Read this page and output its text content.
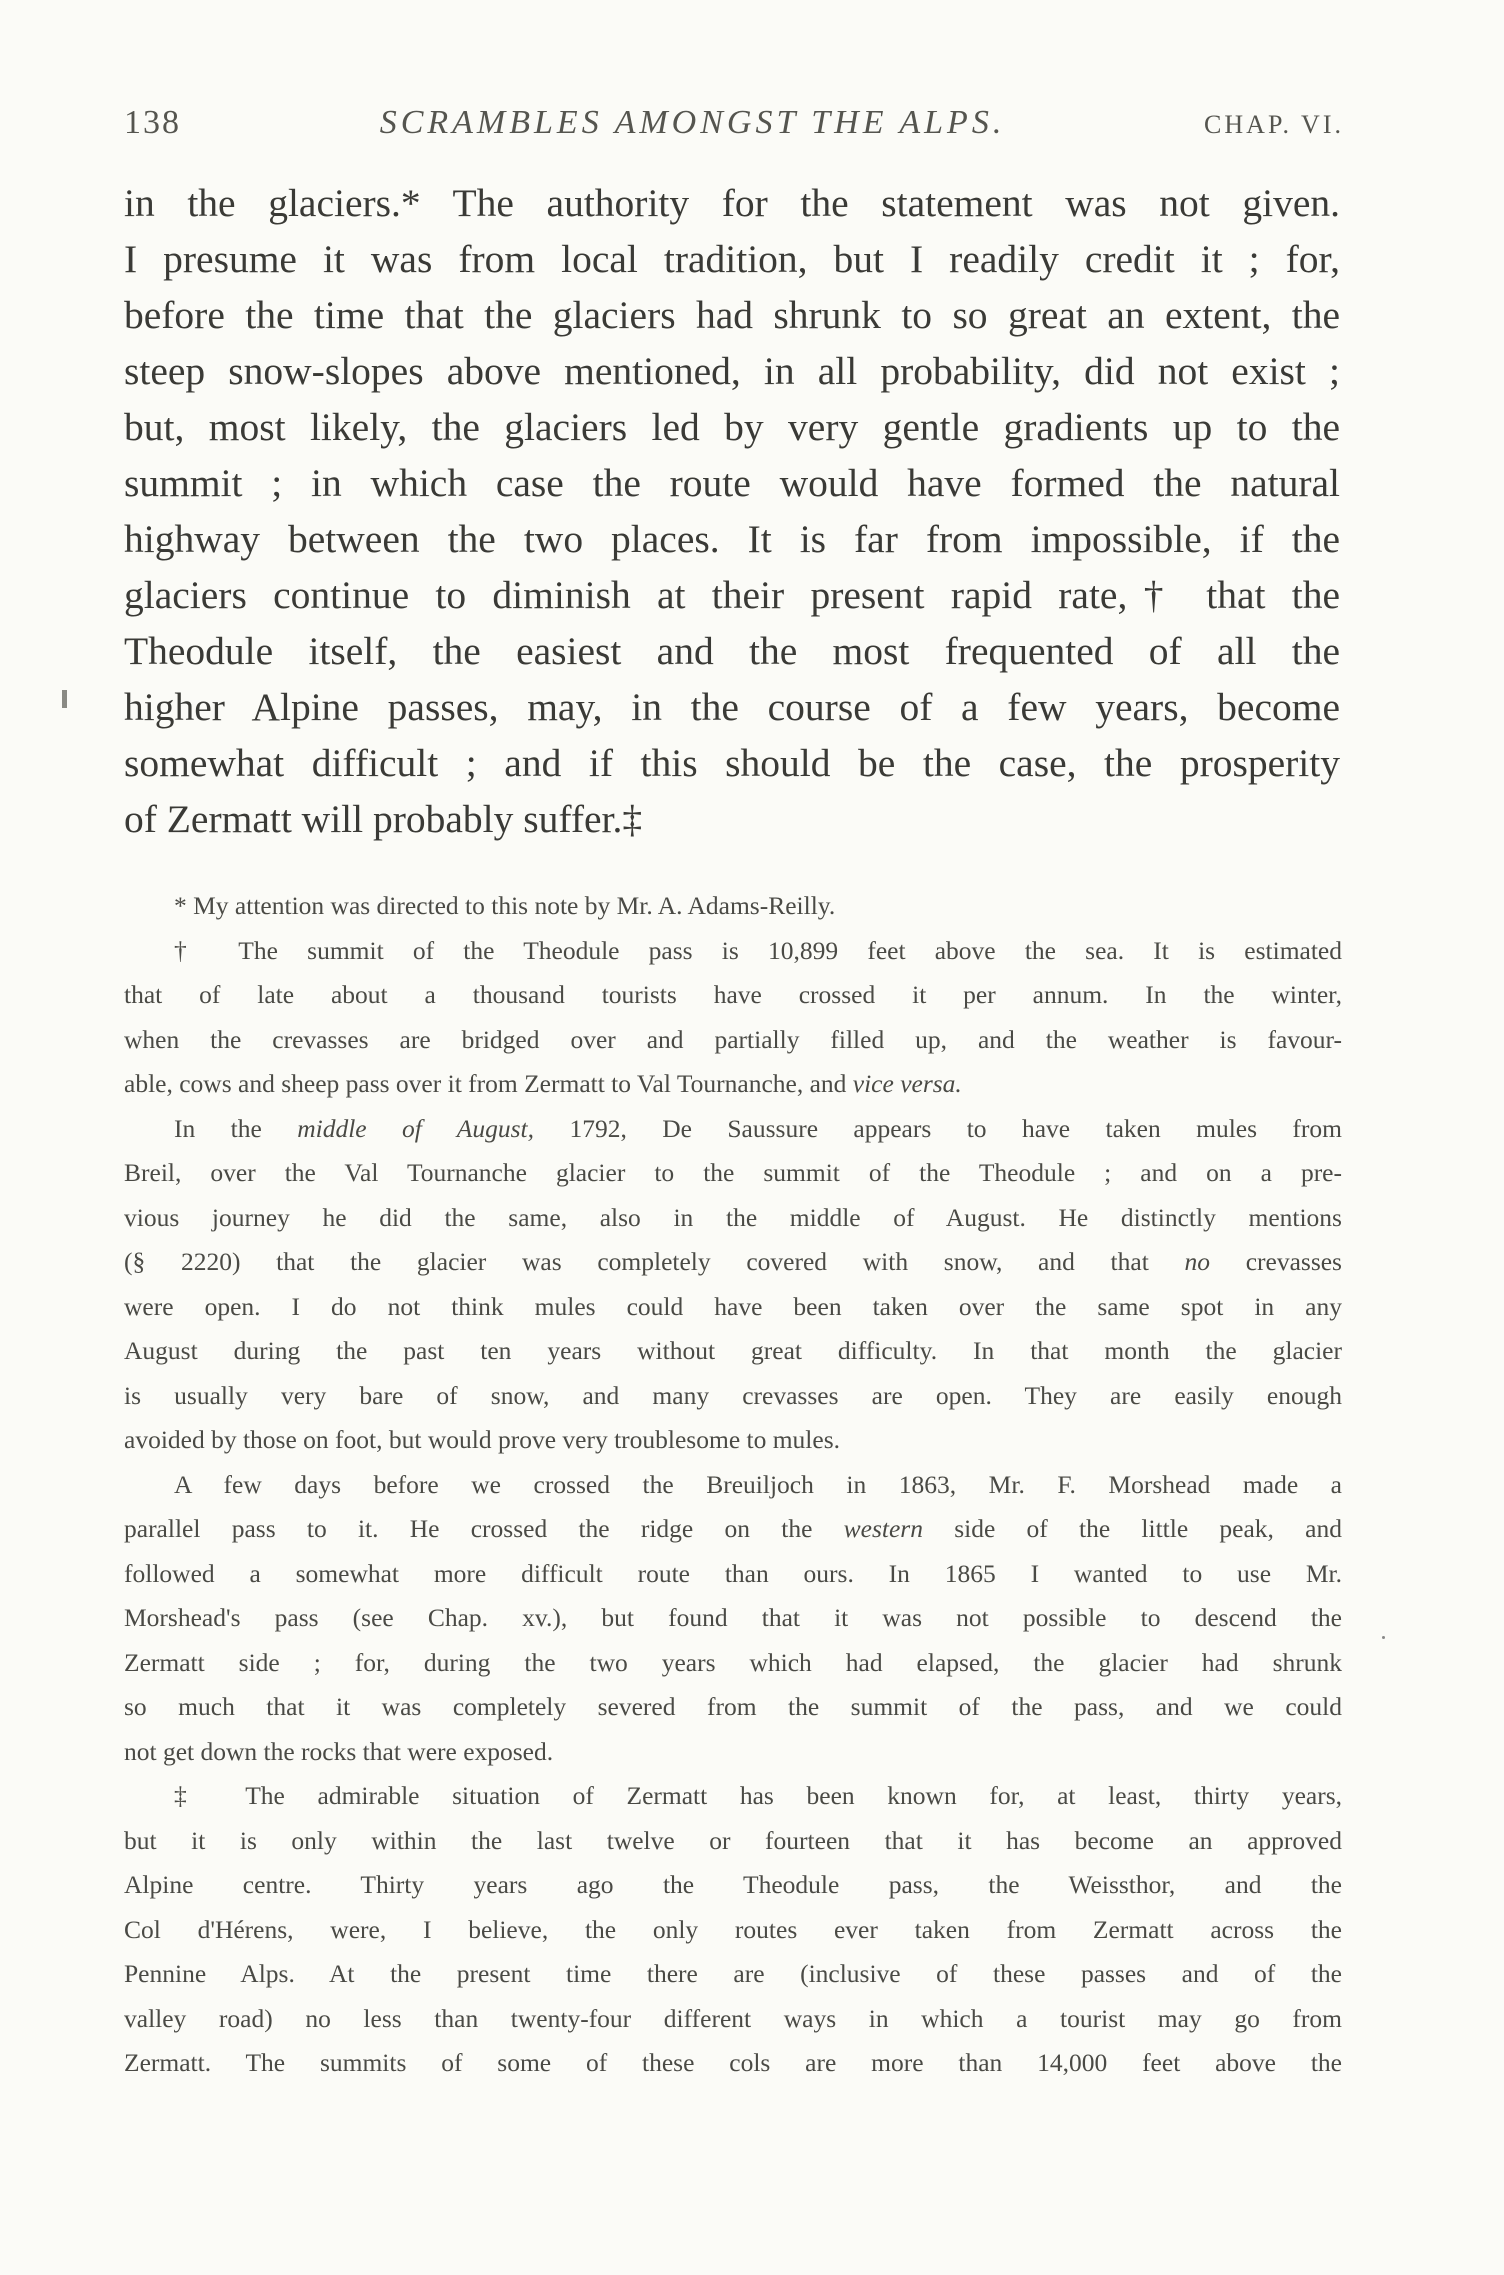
138	SCRAMBLES AMONGST THE ALPS.	CHAP. VI.
in the glaciers.* The authority for the statement was not given.
I presume it was from local tradition, but I readily credit it ; for,
before the time that the glaciers had shrunk to so great an extent, the
steep snow-slopes above mentioned, in all probability, did not exist ;
but, most likely, the glaciers led by very gentle gradients up to the
summit ; in which case the route would have formed the natural
highway between the two places. It is far from impossible, if the
glaciers continue to diminish at their present rapid rate,† that the
Theodule itself, the easiest and the most frequented of all the
higher Alpine passes, may, in the course of a few years, become
somewhat difficult ; and if this should be the case, the prosperity
of Zermatt will probably suffer.‡
* My attention was directed to this note by Mr. A. Adams-Reilly.
† The summit of the Theodule pass is 10,899 feet above the sea. It is estimated
that of late about a thousand tourists have crossed it per annum. In the winter,
when the crevasses are bridged over and partially filled up, and the weather is favour-
able, cows and sheep pass over it from Zermatt to Val Tournanche, and vice versa.
In the middle of August, 1792, De Saussure appears to have taken mules from
Breil, over the Val Tournanche glacier to the summit of the Theodule ; and on a pre-
vious journey he did the same, also in the middle of August. He distinctly mentions
(§ 2220) that the glacier was completely covered with snow, and that no crevasses
were open. I do not think mules could have been taken over the same spot in any
August during the past ten years without great difficulty. In that month the glacier
is usually very bare of snow, and many crevasses are open. They are easily enough
avoided by those on foot, but would prove very troublesome to mules.
A few days before we crossed the Breuiljoch in 1863, Mr. F. Morshead made a
parallel pass to it. He crossed the ridge on the western side of the little peak, and
followed a somewhat more difficult route than ours. In 1865 I wanted to use Mr.
Morshead's pass (see Chap. xv.), but found that it was not possible to descend the
Zermatt side ; for, during the two years which had elapsed, the glacier had shrunk
so much that it was completely severed from the summit of the pass, and we could
not get down the rocks that were exposed.
‡ The admirable situation of Zermatt has been known for, at least, thirty years,
but it is only within the last twelve or fourteen that it has become an approved
Alpine centre. Thirty years ago the Theodule pass, the Weissthor, and the
Col d'Hérens, were, I believe, the only routes ever taken from Zermatt across the
Pennine Alps. At the present time there are (inclusive of these passes and of the
valley road) no less than twenty-four different ways in which a tourist may go from
Zermatt. The summits of some of these cols are more than 14,000 feet above the
